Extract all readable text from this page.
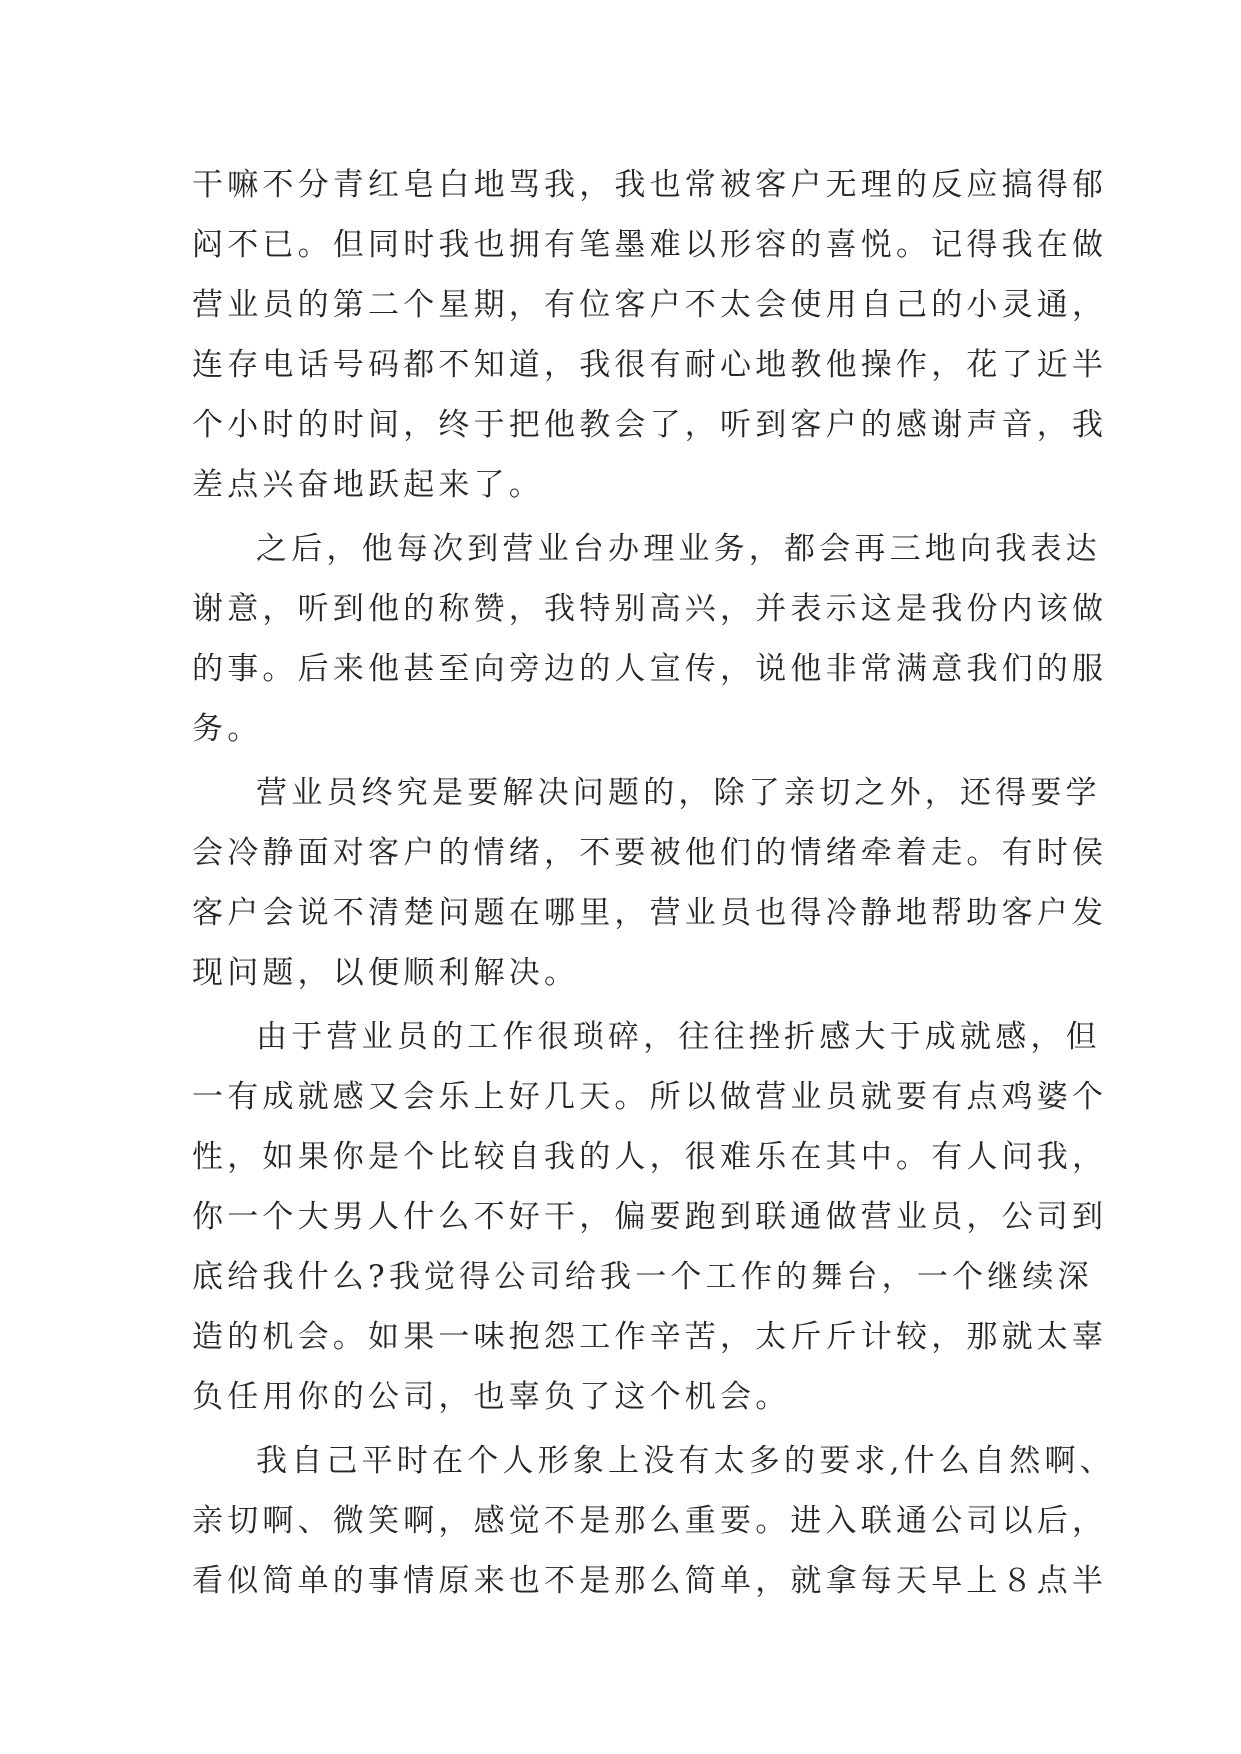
干嘛不分青红皂白地骂我，我也常被客户无理的反应搞得郁
闷不已。但同时我也拥有笔墨难以形容的喜悦。记得我在做
营业员的第二个星期，有位客户不太会使用自己的小灵通，
连存电话号码都不知道，我很有耐心地教他操作，花了近半
个小时的时间，终于把他教会了，听到客户的感谢声音，我
差点兴奋地跃起来了。
之后，他每次到营业台办理业务，都会再三地向我表达
谢意，听到他的称赞，我特别高兴，并表示这是我份内该做
的事。后来他甚至向旁边的人宣传，说他非常满意我们的服
务。
营业员终究是要解决问题的，除了亲切之外，还得要学
会冷静面对客户的情绪，不要被他们的情绪牵着走。有时侯
客户会说不清楚问题在哪里，营业员也得冷静地帮助客户发
现问题，以便顺利解决。
由于营业员的工作很琐碎，往往挫折感大于成就感，但
一有成就感又会乐上好几天。所以做营业员就要有点鸡婆个
性，如果你是个比较自我的人，很难乐在其中。有人问我，
你一个大男人什么不好干，偏要跑到联通做营业员，公司到
底给我什么?我觉得公司给我一个工作的舞台，一个继续深
造的机会。如果一味抱怨工作辛苦，太斤斤计较，那就太辜
负任用你的公司，也辜负了这个机会。
我自己平时在个人形象上没有太多的要求,什么自然啊、
亲切啊、微笑啊，感觉不是那么重要。进入联通公司以后，
看似简单的事情原来也不是那么简单，就拿每天早上８点半
